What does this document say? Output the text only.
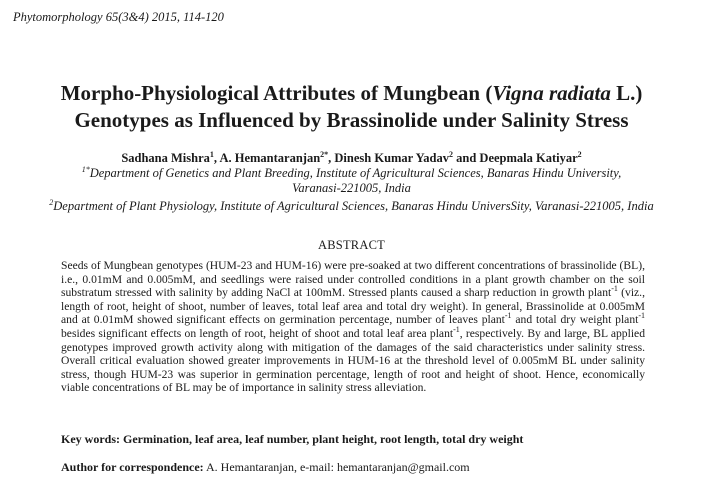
Phytomorphology 65(3&4) 2015, 114-120
Morpho-Physiological Attributes of Mungbean (Vigna radiata L.)
Genotypes as Influenced by Brassinolide under Salinity Stress
Sadhana Mishra$^1$, A. Hemantaranjan$^{2*}$, Dinesh Kumar Yadav$^2$ and Deepmala Katiyar$^2$
$^{1*}$Department of Genetics and Plant Breeding, Institute of Agricultural Sciences, Banaras Hindu University,
Varanasi-221005, India
$^2$Department of Plant Physiology, Institute of Agricultural Sciences, Banaras Hindu UniversSity, Varanasi-221005, India
ABSTRACT

Seeds of Mungbean genotypes (HUM-23 and HUM-16) were pre-soaked at two different concentrations of brassinolide (BL), i.e., 0.01mM and 0.005mM, and seedlings were raised under controlled conditions in a plant growth chamber on the soil substratum stressed with salinity by adding NaCl at 100mM. Stressed plants caused a sharp reduction in growth plant$^{-1}$ (viz., length of root, height of shoot, number of leaves, total leaf area and total dry weight). In general, Brassinolide at 0.005mM and at 0.01mM showed significant effects on germination percentage, number of leaves plant$^{-1}$ and total dry weight plant$^{-1}$ besides significant effects on length of root, height of shoot and total leaf area plant$^{-1}$, respectively. By and large, BL applied genotypes improved growth activity along with mitigation of the damages of the said characteristics under salinity stress. Overall critical evaluation showed greater improvements in HUM-16 at the threshold level of 0.005mM BL under salinity stress, though HUM-23 was superior in germination percentage, length of root and height of shoot. Hence, economically viable concentrations of BL may be of importance in salinity stress alleviation.

Key words: Germination, leaf area, leaf number, plant height, root length, total dry weight
Author for correspondence: A. Hemantaranjan, e-mail: hemantaranjan@gmail.com
